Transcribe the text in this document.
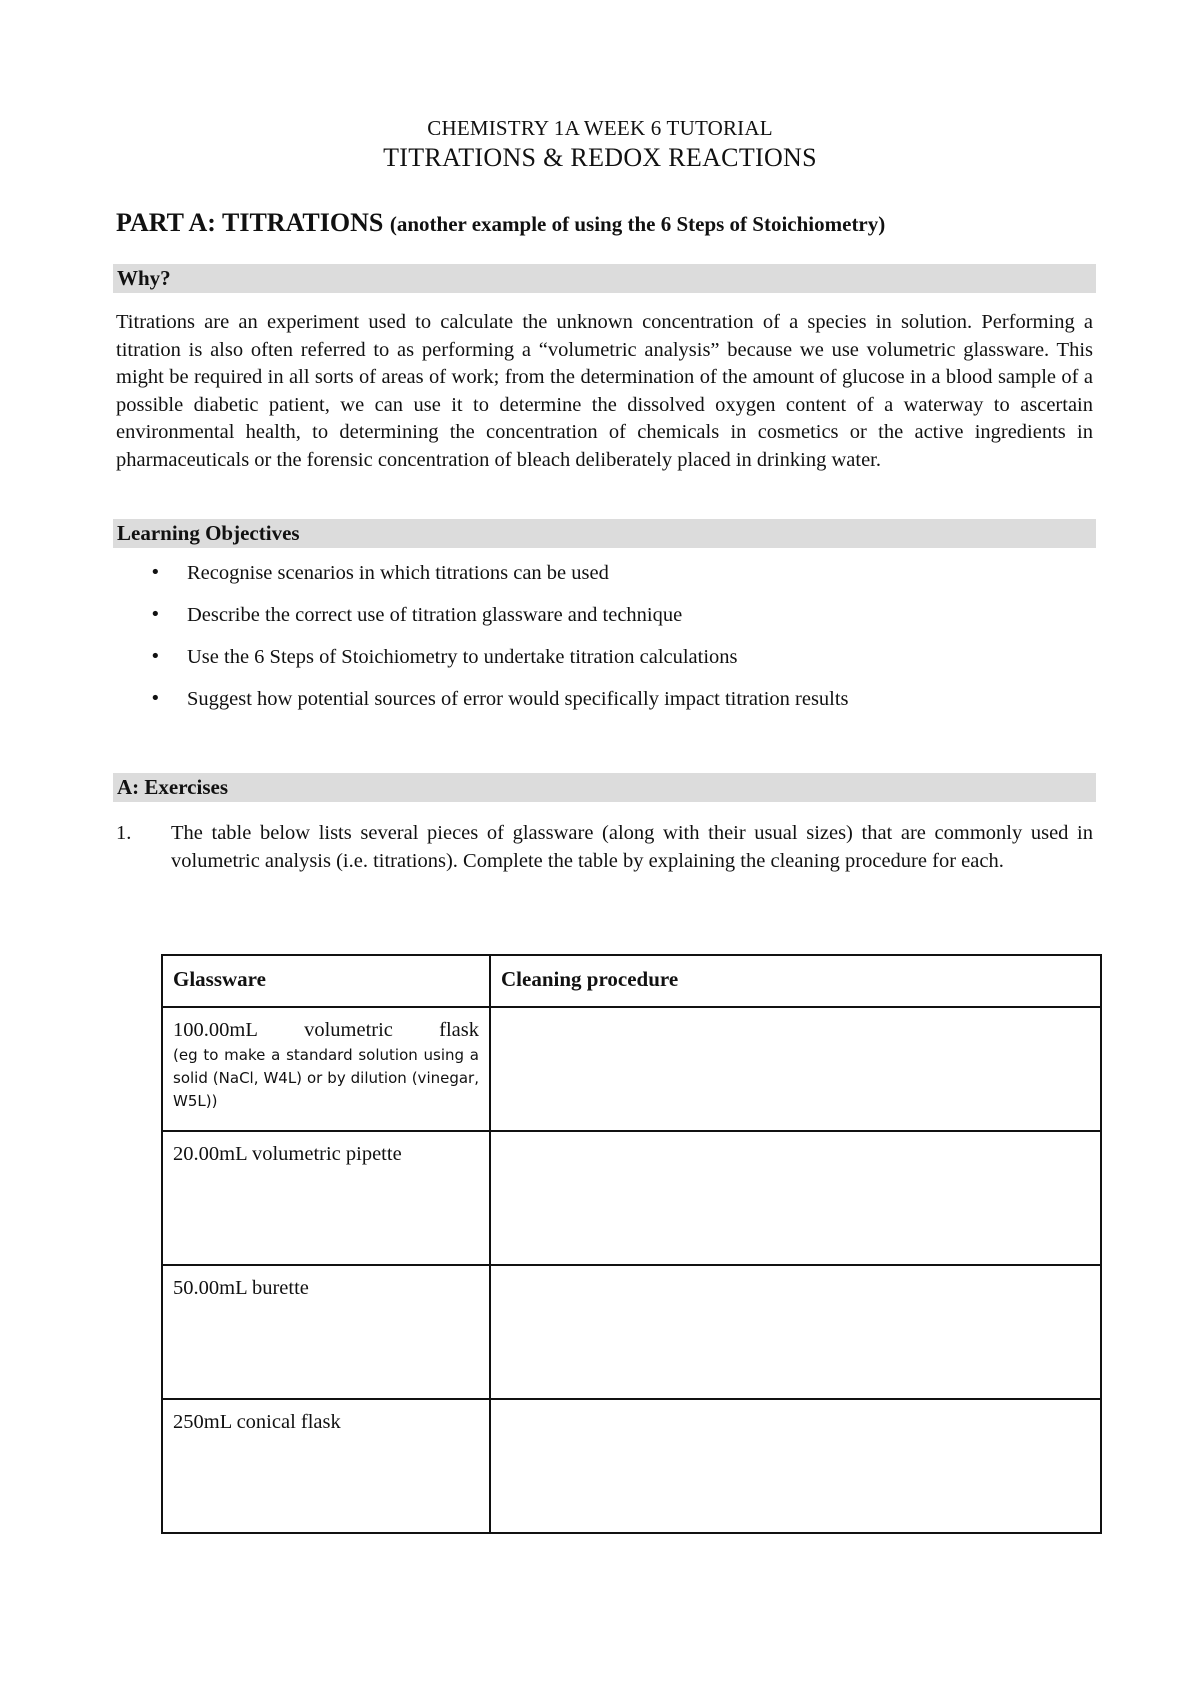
CHEMISTRY 1A WEEK 6 TUTORIAL
TITRATIONS & REDOX REACTIONS
PART A: TITRATIONS (another example of using the 6 Steps of Stoichiometry)
Why?
Titrations are an experiment used to calculate the unknown concentration of a species in solution. Performing a titration is also often referred to as performing a “volumetric analysis” because we use volumetric glassware. This might be required in all sorts of areas of work; from the determination of the amount of glucose in a blood sample of a possible diabetic patient, we can use it to determine the dissolved oxygen content of a waterway to ascertain environmental health, to determining the concentration of chemicals in cosmetics or the active ingredients in pharmaceuticals or the forensic concentration of bleach deliberately placed in drinking water.
Learning Objectives
• Recognise scenarios in which titrations can be used
• Describe the correct use of titration glassware and technique
• Use the 6 Steps of Stoichiometry to undertake titration calculations
• Suggest how potential sources of error would specifically impact titration results
A: Exercises
1. The table below lists several pieces of glassware (along with their usual sizes) that are commonly used in volumetric analysis (i.e. titrations). Complete the table by explaining the cleaning procedure for each.
Glassware	Cleaning procedure

100.00mL volumetric flask
(eg to make a standard solution using a solid (NaCl, W4L) or by dilution (vinegar, W5L))	

20.00mL volumetric pipette	
50.00mL burette	
250mL conical flask	
